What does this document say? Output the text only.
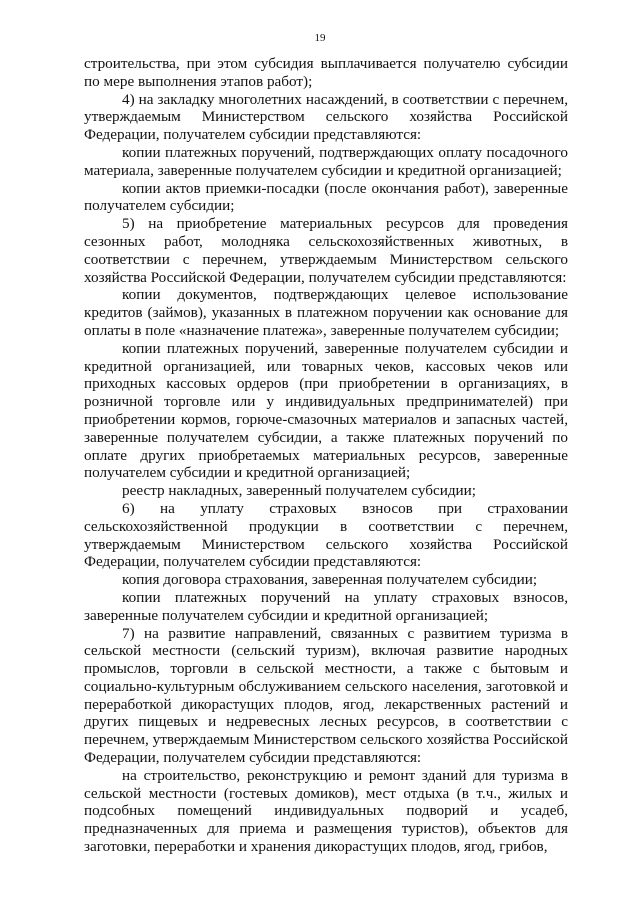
19

строительства, при этом субсидия выплачивается получателю субсидии по мере выполнения этапов работ);

4) на закладку многолетних насаждений, в соответствии с перечнем, утверждаемым Министерством сельского хозяйства Российской Федерации, получателем субсидии представляются:

копии платежных поручений, подтверждающих оплату посадочного материала, заверенные получателем субсидии и кредитной организацией;

копии актов приемки-посадки (после окончания работ), заверенные получателем субсидии;

5) на приобретение материальных ресурсов для проведения сезонных работ, молодняка сельскохозяйственных животных, в соответствии с перечнем, утверждаемым Министерством сельского хозяйства Российской Федерации, получателем субсидии представляются:

копии документов, подтверждающих целевое использование кредитов (займов), указанных в платежном поручении как основание для оплаты в поле «назначение платежа», заверенные получателем субсидии;

копии платежных поручений, заверенные получателем субсидии и кредитной организацией, или товарных чеков, кассовых чеков или приходных кассовых ордеров (при приобретении в организациях, в розничной торговле или у индивидуальных предпринимателей) при приобретении кормов, горюче-смазочных материалов и запасных частей, заверенные получателем субсидии, а также платежных поручений по оплате других приобретаемых материальных ресурсов, заверенные получателем субсидии и кредитной организацией;

реестр накладных, заверенный получателем субсидии;

6) на уплату страховых взносов при страховании сельскохозяйственной продукции в соответствии с перечнем, утверждаемым Министерством сельского хозяйства Российской Федерации, получателем субсидии представляются:

копия договора страхования, заверенная получателем субсидии;

копии платежных поручений на уплату страховых взносов, заверенные получателем субсидии и кредитной организацией;

7) на развитие направлений, связанных с развитием туризма в сельской местности (сельский туризм), включая развитие народных промыслов, торговли в сельской местности, а также с бытовым и социально-культурным обслуживанием сельского населения, заготовкой и переработкой дикорастущих плодов, ягод, лекарственных растений и других пищевых и недревесных лесных ресурсов, в соответствии с перечнем, утверждаемым Министерством сельского хозяйства Российской Федерации, получателем субсидии представляются:

на строительство, реконструкцию и ремонт зданий для туризма в сельской местности (гостевых домиков), мест отдыха (в т.ч., жилых и подсобных помещений индивидуальных подворий и усадеб, предназначенных для приема и размещения туристов), объектов для заготовки, переработки и хранения дикорастущих плодов, ягод, грибов,
